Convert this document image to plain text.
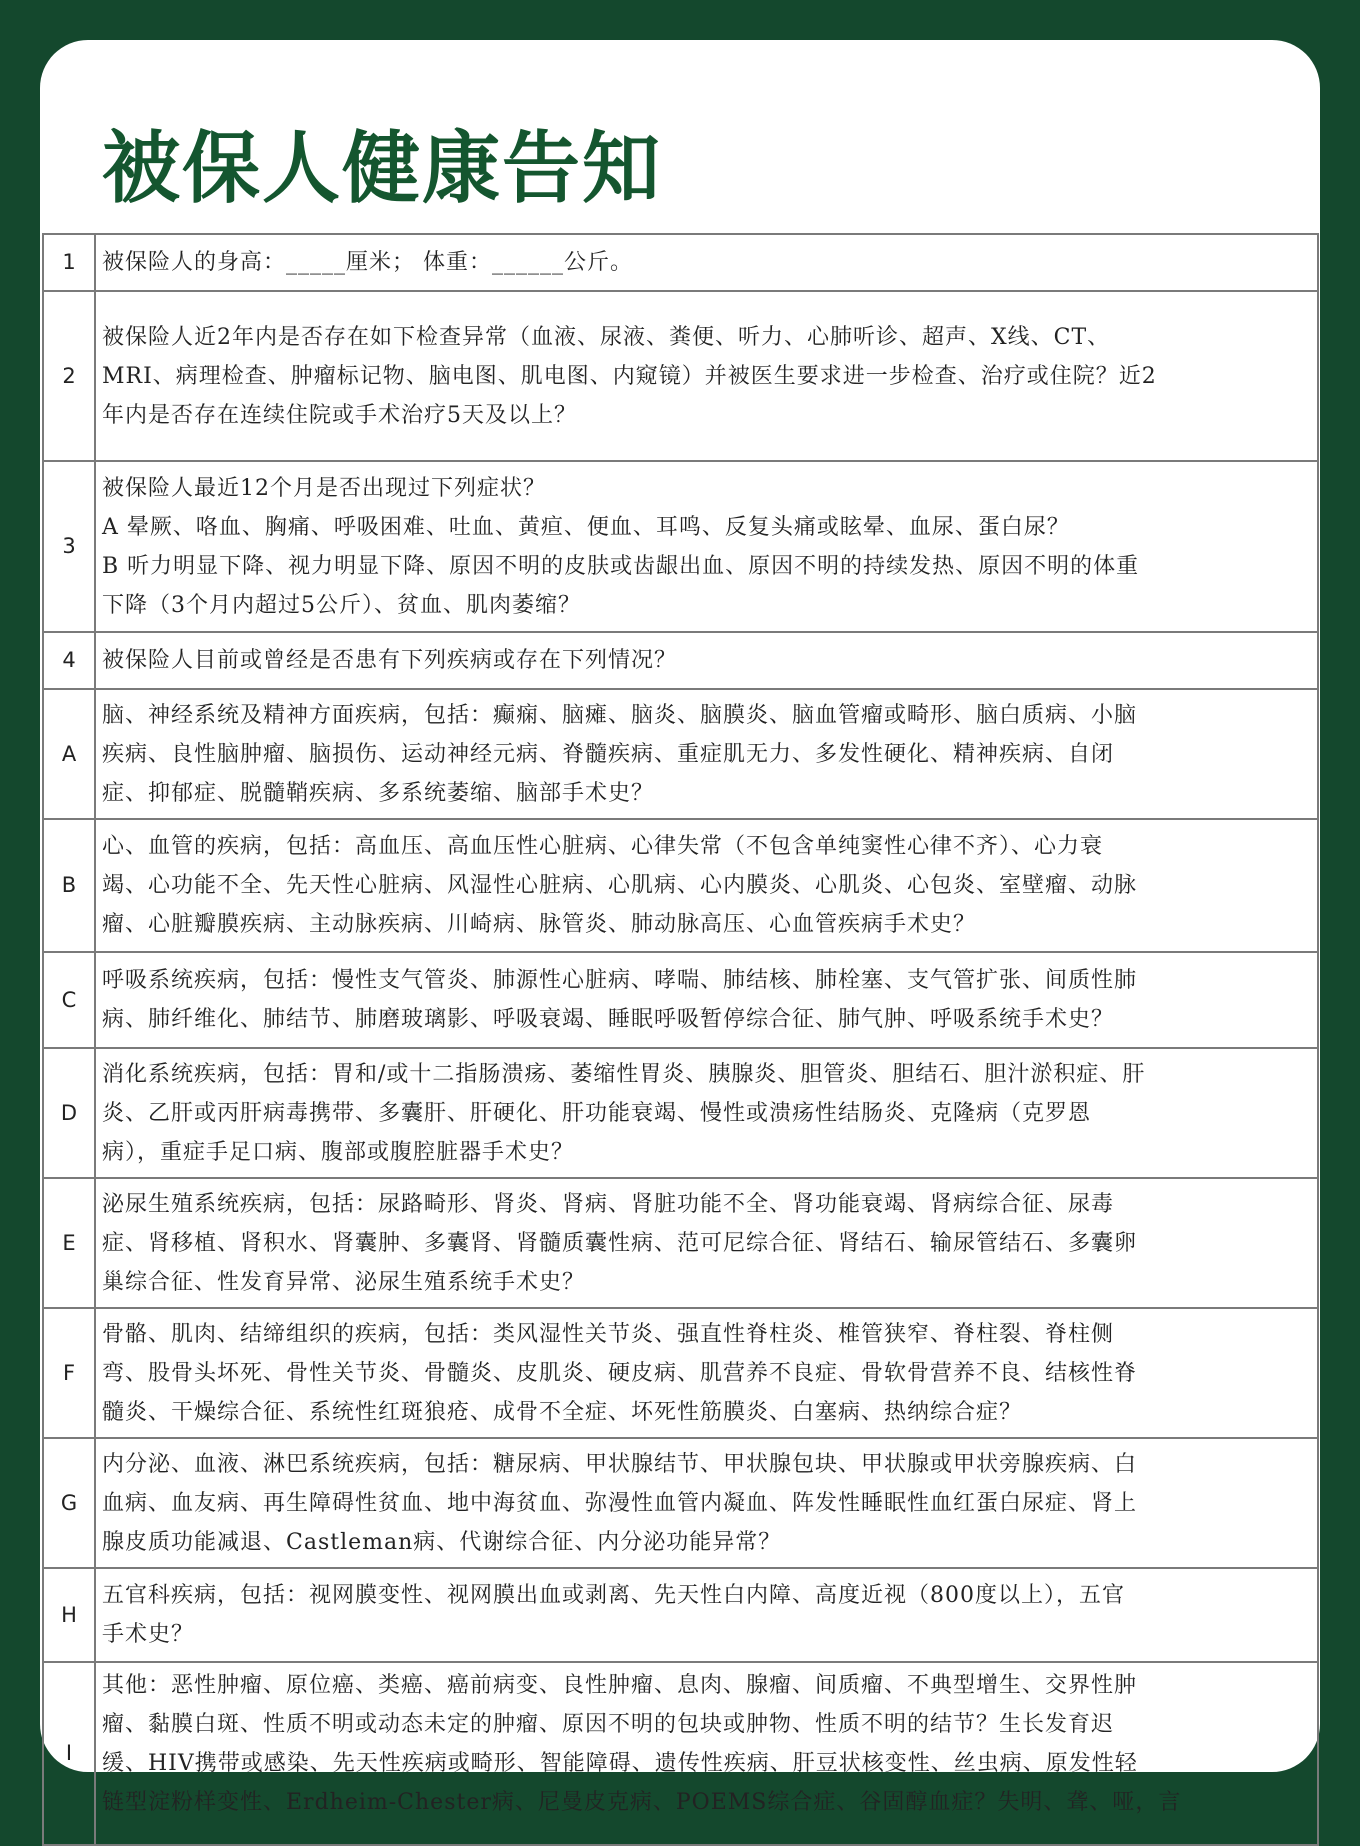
被保人健康告知
1	被保险人的身高：_____厘米； 体重：______公斤。
2	被保险人近2年内是否存在如下检查异常（血液、尿液、粪便、听力、心肺听诊、超声、X线、CT、
MRI、病理检查、肿瘤标记物、脑电图、肌电图、内窥镜）并被医生要求进一步检查、治疗或住院？近2
年内是否存在连续住院或手术治疗5天及以上？
3	被保险人最近12个月是否出现过下列症状？
A 晕厥、咯血、胸痛、呼吸困难、吐血、黄疸、便血、耳鸣、反复头痛或眩晕、血尿、蛋白尿？
B 听力明显下降、视力明显下降、原因不明的皮肤或齿龈出血、原因不明的持续发热、原因不明的体重
下降（3个月内超过5公斤）、贫血、肌肉萎缩？
4	被保险人目前或曾经是否患有下列疾病或存在下列情况？
A	脑、神经系统及精神方面疾病，包括：癫痫、脑瘫、脑炎、脑膜炎、脑血管瘤或畸形、脑白质病、小脑
疾病、良性脑肿瘤、脑损伤、运动神经元病、脊髓疾病、重症肌无力、多发性硬化、精神疾病、自闭
症、抑郁症、脱髓鞘疾病、多系统萎缩、脑部手术史？
B	心、血管的疾病，包括：高血压、高血压性心脏病、心律失常（不包含单纯窦性心律不齐）、心力衰
竭、心功能不全、先天性心脏病、风湿性心脏病、心肌病、心内膜炎、心肌炎、心包炎、室壁瘤、动脉
瘤、心脏瓣膜疾病、主动脉疾病、川崎病、脉管炎、肺动脉高压、心血管疾病手术史？
C	呼吸系统疾病，包括：慢性支气管炎、肺源性心脏病、哮喘、肺结核、肺栓塞、支气管扩张、间质性肺
病、肺纤维化、肺结节、肺磨玻璃影、呼吸衰竭、睡眠呼吸暂停综合征、肺气肿、呼吸系统手术史？
D	消化系统疾病，包括：胃和/或十二指肠溃疡、萎缩性胃炎、胰腺炎、胆管炎、胆结石、胆汁淤积症、肝
炎、乙肝或丙肝病毒携带、多囊肝、肝硬化、肝功能衰竭、慢性或溃疡性结肠炎、克隆病（克罗恩
病），重症手足口病、腹部或腹腔脏器手术史？
E	泌尿生殖系统疾病，包括：尿路畸形、肾炎、肾病、肾脏功能不全、肾功能衰竭、肾病综合征、尿毒
症、肾移植、肾积水、肾囊肿、多囊肾、肾髓质囊性病、范可尼综合征、肾结石、输尿管结石、多囊卵
巢综合征、性发育异常、泌尿生殖系统手术史？
F	骨骼、肌肉、结缔组织的疾病，包括：类风湿性关节炎、强直性脊柱炎、椎管狭窄、脊柱裂、脊柱侧
弯、股骨头坏死、骨性关节炎、骨髓炎、皮肌炎、硬皮病、肌营养不良症、骨软骨营养不良、结核性脊
髓炎、干燥综合征、系统性红斑狼疮、成骨不全症、坏死性筋膜炎、白塞病、热纳综合症？
G	内分泌、血液、淋巴系统疾病，包括：糖尿病、甲状腺结节、甲状腺包块、甲状腺或甲状旁腺疾病、白
血病、血友病、再生障碍性贫血、地中海贫血、弥漫性血管内凝血、阵发性睡眠性血红蛋白尿症、肾上
腺皮质功能减退、Castleman病、代谢综合征、内分泌功能异常？
H	五官科疾病，包括：视网膜变性、视网膜出血或剥离、先天性白内障、高度近视（800度以上），五官
手术史？
I	其他：恶性肿瘤、原位癌、类癌、癌前病变、良性肿瘤、息肉、腺瘤、间质瘤、不典型增生、交界性肿
瘤、黏膜白斑、性质不明或动态未定的肿瘤、原因不明的包块或肿物、性质不明的结节？生长发育迟
缓、HIV携带或感染、先天性疾病或畸形、智能障碍、遗传性疾病、肝豆状核变性、丝虫病、原发性轻
链型淀粉样变性、Erdheim-Chester病、尼曼皮克病、POEMS综合症、谷固醇血症？失明、聋、哑，言
